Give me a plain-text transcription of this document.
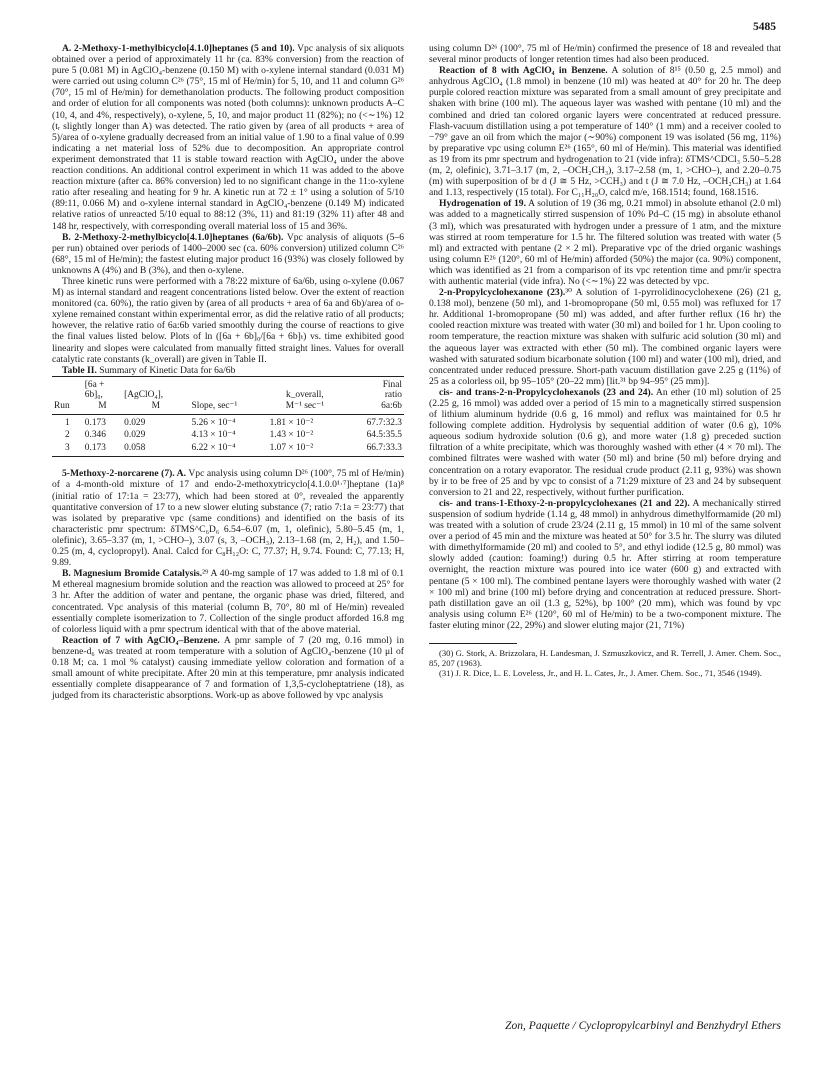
5485

A. 2-Methoxy-1-methylbicyclo[4.1.0]heptanes (5 and 10). Vpc analysis of six aliquots obtained over a period of approximately 11 hr (ca. 83% conversion) from the reaction of pure 5 (0.081 M) in AgClO₄-benzene (0.150 M) with o-xylene internal standard (0.031 M) were carried out using column C²⁶ (75°, 15 ml of He/min) for 5, 10, and 11 and column G²⁶ (70°, 15 ml of He/min) for demethanolation products. The following product composition and order of elution for all components was noted (both columns): unknown products A–C (10, 4, and 4%, respectively), o-xylene, 5, 10, and major product 11 (82%); no (<∼1%) 12 (tᵣ slightly longer than A) was detected. The ratio given by (area of all products + area of 5)/area of o-xylene gradually decreased from an initial value of 1.90 to a final value of 0.99 indicating a net material loss of 52% due to decomposition. An appropriate control experiment demonstrated that 11 is stable toward reaction with AgClO₄ under the above reaction conditions. An additional control experiment in which 11 was added to the above reaction mixture (after ca. 86% conversion) led to no significant change in the 11:o-xylene ratio after resealing and heating for 9 hr. A kinetic run at 72 ± 1° using a solution of 5/10 (89:11, 0.066 M) and o-xylene internal standard in AgClO₄-benzene (0.149 M) indicated relative ratios of unreacted 5/10 equal to 88:12 (3%, 11) and 81:19 (32% 11) after 48 and 148 hr, respectively, with corresponding overall material loss of 15 and 36%.

B. 2-Methoxy-2-methylbicyclo[4.1.0]heptanes (6a/6b). Vpc analysis of aliquots (5–6 per run) obtained over periods of 1400–2000 sec (ca. 60% conversion) utilized column C²⁶ (68°, 15 ml of He/min); the fastest eluting major product 16 (93%) was closely followed by unknowns A (4%) and B (3%), and then o-xylene.

Three kinetic runs were performed with a 78:22 mixture of 6a/6b, using o-xylene (0.067 M) as internal standard and reagent concentrations listed below. Over the extent of reaction monitored (ca. 60%), the ratio given by (area of all products + area of 6a and 6b)/area of o-xylene remained constant within experimental error, as did the relative ratio of all products; however, the relative ratio of 6a:6b varied smoothly during the course of reactions to give the final values listed below. Plots of ln ([6a + 6b]₀/[6a + 6b]ₜ) vs. time exhibited good linearity and slopes were calculated from manually fitted straight lines. Values for overall catalytic rate constants (k_overall) are given in Table II.

Table II. Summary of Kinetic Data for 6a/6b

	[6a +				Final
	6b]₀,	[AgClO₄],		k_overall,	ratio
Run	M	M	Slope, sec⁻¹	M⁻¹ sec⁻¹	6a:6b
1	0.173	0.029	5.26 × 10⁻⁴	1.81 × 10⁻²	67.7:32.3
2	0.346	0.029	4.13 × 10⁻⁴	1.43 × 10⁻²	64.5:35.5
3	0.173	0.058	6.22 × 10⁻⁴	1.07 × 10⁻²	66.7:33.3

5-Methoxy-2-norcarene (7). A. Vpc analysis using column D²⁶ (100°, 75 ml of He/min) of a 4-month-old mixture of 17 and endo-2-methoxytricyclo[4.1.0.0¹·⁷]heptane (1a)⁸ (initial ratio of 17:1a = 23:77), which had been stored at 0°, revealed the apparently quantitative conversion of 17 to a new slower eluting substance (7; ratio 7:1a = 23:77) that was isolated by preparative vpc (same conditions) and identified on the basis of its characteristic pmr spectrum: δTMS^C₆D₆ 6.54–6.07 (m, 1, olefinic), 5.80–5.45 (m, 1, olefinic), 3.65–3.37 (m, 1, >CHO–), 3.07 (s, 3, –OCH₃), 2.13–1.68 (m, 2, H₂), and 1.50–0.25 (m, 4, cyclopropyl). Anal. Calcd for C₈H₁₂O: C, 77.37; H, 9.74. Found: C, 77.13; H, 9.89.

B. Magnesium Bromide Catalysis.²⁹ A 40-mg sample of 17 was added to 1.8 ml of 0.1 M ethereal magnesium bromide solution and the reaction was allowed to proceed at 25° for 3 hr. After the addition of water and pentane, the organic phase was dried, filtered, and concentrated. Vpc analysis of this material (column B, 70°, 80 ml of He/min) revealed essentially complete isomerization to 7. Collection of the single product afforded 16.8 mg of colorless liquid with a pmr spectrum identical with that of the above material.

Reaction of 7 with AgClO₄–Benzene. A pmr sample of 7 (20 mg, 0.16 mmol) in benzene-d₆ was treated at room temperature with a solution of AgClO₄-benzene (10 μl of 0.18 M; ca. 1 mol % catalyst) causing immediate yellow coloration and formation of a small amount of white precipitate. After 20 min at this temperature, pmr analysis indicated essentially complete disappearance of 7 and formation of 1,3,5-cycloheptatriene (18), as judged from its characteristic absorptions. Work-up as above followed by vpc analysis

using column D²⁶ (100°, 75 ml of He/min) confirmed the presence of 18 and revealed that several minor products of longer retention times had also been produced.

Reaction of 8 with AgClO₄ in Benzene. A solution of 8¹⁵ (0.50 g, 2.5 mmol) and anhydrous AgClO₄ (1.8 mmol) in benzene (10 ml) was heated at 40° for 20 hr. The deep purple colored reaction mixture was separated from a small amount of grey precipitate and shaken with brine (100 ml). The aqueous layer was washed with pentane (10 ml) and the combined and dried tan colored organic layers were concentrated at reduced pressure. Flash-vacuum distillation using a pot temperature of 140° (1 mm) and a receiver cooled to −79° gave an oil from which the major (∼90%) component 19 was isolated (56 mg, 11%) by preparative vpc using column E²⁶ (165°, 60 ml of He/min). This material was identified as 19 from its pmr spectrum and hydrogenation to 21 (vide infra): δTMS^CDCl₃ 5.50–5.28 (m, 2, olefinic), 3.71–3.17 (m, 2, –OCH₂CH₃), 3.17–2.58 (m, 1, >CHO–), and 2.20–0.75 (m) with superposition of br d (J ≅ 5 Hz, >CCH₃) and t (J ≅ 7.0 Hz, –OCH₂CH₃) at 1.64 and 1.13, respectively (15 total). For C₁₁H₂₀O, calcd m/e, 168.1514; found, 168.1516.

Hydrogenation of 19. A solution of 19 (36 mg, 0.21 mmol) in absolute ethanol (2.0 ml) was added to a magnetically stirred suspension of 10% Pd–C (15 mg) in absolute ethanol (3 ml), which was presaturated with hydrogen under a pressure of 1 atm, and the mixture was stirred at room temperature for 1.5 hr. The filtered solution was treated with water (5 ml) and extracted with pentane (2 × 2 ml). Preparative vpc of the dried organic washings using column E²⁶ (120°, 60 ml of He/min) afforded (50%) the major (ca. 90%) component, which was identified as 21 from a comparison of its vpc retention time and pmr/ir spectra with authentic material (vide infra). No (<∼1%) 22 was detected by vpc.

2-n-Propylcyclohexanone (23).³⁰ A solution of 1-pyrrolidinocyclohexene (26) (21 g, 0.138 mol), benzene (50 ml), and 1-bromopropane (50 ml, 0.55 mol) was refluxed for 17 hr. Additional 1-bromopropane (50 ml) was added, and after further reflux (16 hr) the cooled reaction mixture was treated with water (30 ml) and boiled for 1 hr. Upon cooling to room temperature, the reaction mixture was shaken with sulfuric acid solution (30 ml) and the aqueous layer was extracted with ether (50 ml). The combined organic layers were washed with saturated sodium bicarbonate solution (100 ml) and water (100 ml), dried, and concentrated under reduced pressure. Short-path vacuum distillation gave 2.25 g (11%) of 25 as a colorless oil, bp 95–105° (20–22 mm) [lit.³¹ bp 94–95° (25 mm)].

cis- and trans-2-n-Propylcyclohexanols (23 and 24). An ether (10 ml) solution of 25 (2.25 g, 16 mmol) was added over a period of 15 min to a magnetically stirred suspension of lithium aluminum hydride (0.6 g, 16 mmol) and reflux was maintained for 0.5 hr following complete addition. Hydrolysis by sequential addition of water (0.6 g), 10% aqueous sodium hydroxide solution (0.6 g), and more water (1.8 g) preceded suction filtration of a white precipitate, which was thoroughly washed with ether (4 × 70 ml). The combined filtrates were washed with water (50 ml) and brine (50 ml) before drying and concentration on a rotary evaporator. The residual crude product (2.11 g, 93%) was shown by ir to be free of 25 and by vpc to consist of a 71:29 mixture of 23 and 24 by subsequent conversion to 21 and 22, respectively, without further purification.

cis- and trans-1-Ethoxy-2-n-propylcyclohexanes (21 and 22). A mechanically stirred suspension of sodium hydride (1.14 g, 48 mmol) in anhydrous dimethylformamide (20 ml) was treated with a solution of crude 23/24 (2.11 g, 15 mmol) in 10 ml of the same solvent over a period of 45 min and the mixture was heated at 50° for 3.5 hr. The slurry was diluted with dimethylformamide (20 ml) and cooled to 5°, and ethyl iodide (12.5 g, 80 mmol) was slowly added (caution: foaming!) during 0.5 hr. After stirring at room temperature overnight, the reaction mixture was poured into ice water (600 g) and extracted with pentane (5 × 100 ml). The combined pentane layers were thoroughly washed with water (2 × 100 ml) and brine (100 ml) before drying and concentration at reduced pressure. Short-path distillation gave an oil (1.3 g, 52%), bp 100° (20 mm), which was found by vpc analysis using column E²⁶ (120°, 60 ml of He/min) to be a two-component mixture. The faster eluting minor (22, 29%) and slower eluting major (21, 71%)

(30) G. Stork, A. Brizzolara, H. Landesman, J. Szmuszkovicz, and R. Terrell, J. Amer. Chem. Soc., 85, 207 (1963).

(31) J. R. Dice, L. E. Loveless, Jr., and H. L. Cates, Jr., J. Amer. Chem. Soc., 71, 3546 (1949).

Zon, Paquette / Cyclopropylcarbinyl and Benzhydryl Ethers
